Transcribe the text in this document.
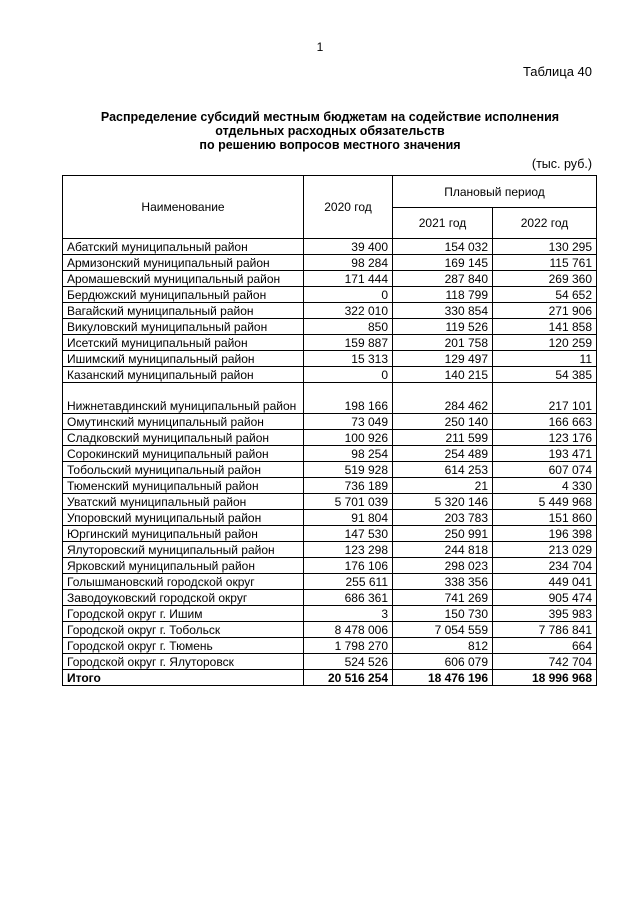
1
Таблица 40
Распределение субсидий местным бюджетам на содействие исполнения
отдельных расходных обязательств
по решению вопросов местного значения
(тыс. руб.)
Наименование	2020 год	Плановый период	
		2021 год	2022 год
Абатский муниципальный район	39 400	154 032	130 295
Армизонский муниципальный район	98 284	169 145	115 761
Аромашевский муниципальный район	171 444	287 840	269 360
Бердюжский муниципальный район	0	118 799	54 652
Вагайский муниципальный район	322 010	330 854	271 906
Викуловский муниципальный район	850	119 526	141 858
Исетский муниципальный район	159 887	201 758	120 259
Ишимский муниципальный район	15 313	129 497	11
Казанский муниципальный район	0	140 215	54 385
Нижнетавдинский муниципальный район	198 166	284 462	217 101
Омутинский муниципальный район	73 049	250 140	166 663
Сладковский муниципальный район	100 926	211 599	123 176
Сорокинский муниципальный район	98 254	254 489	193 471
Тобольский муниципальный район	519 928	614 253	607 074
Тюменский муниципальный район	736 189	21	4 330
Уватский муниципальный район	5 701 039	5 320 146	5 449 968
Упоровский муниципальный район	91 804	203 783	151 860
Юргинский муниципальный район	147 530	250 991	196 398
Ялуторовский муниципальный район	123 298	244 818	213 029
Ярковский муниципальный район	176 106	298 023	234 704
Голышмановский городской округ	255 611	338 356	449 041
Заводоуковский городской округ	686 361	741 269	905 474
Городской округ г. Ишим	3	150 730	395 983
Городской округ г. Тобольск	8 478 006	7 054 559	7 786 841
Городской округ г. Тюмень	1 798 270	812	664
Городской округ г. Ялуторовск	524 526	606 079	742 704
Итого	20 516 254	18 476 196	18 996 968
